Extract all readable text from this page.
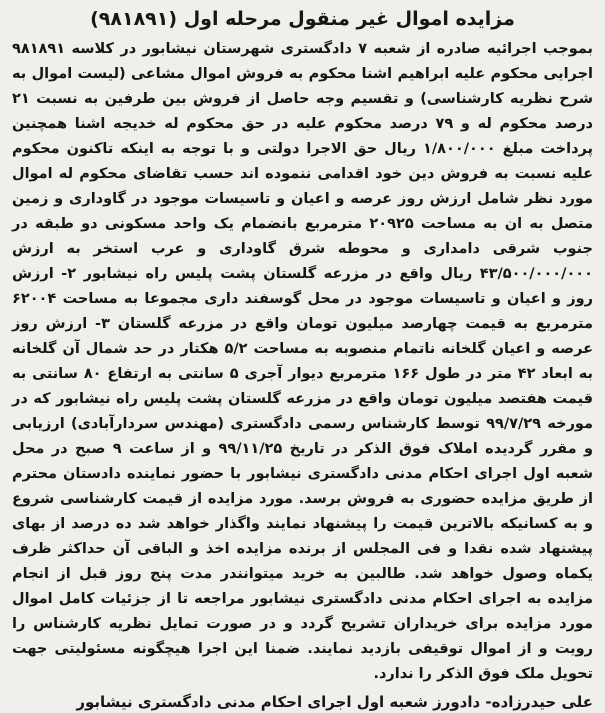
مزایده اموال غیر منقول مرحله اول (۹۸۱۸۹۱)

بموجب اجرائیه صادره از شعبه ۷ دادگستری شهرستان نیشابور در کلاسه ۹۸۱۸۹۱ اجرایی محکوم علیه ابراهیم اشنا محکوم به فروش اموال مشاعی (لیست اموال به شرح نظریه کارشناسی) و تقسیم وجه حاصل از فروش بین طرفین به نسبت ۲۱ درصد محکوم له و ۷۹ درصد محکوم علیه در حق محکوم له خدیجه اشنا همچنین پرداخت مبلغ ۱/۸۰۰/۰۰۰ ریال حق الاجرا دولتی و با توجه به اینکه تاکنون محکوم علیه نسبت به فروش دین خود اقدامی ننموده اند حسب تقاضای محکوم له اموال مورد نظر شامل ارزش روز عرصه و اعیان و تاسیسات موجود در گاوداری و زمین متصل به ان به مساحت ۲۰۹۲۵ مترمربع بانضمام یک واحد مسکونی دو طبقه در جنوب شرقی دامداری و محوطه شرق گاوداری و عرب استخر به ارزش ۴۳/۵۰۰/۰۰۰/۰۰۰ ریال واقع در مزرعه گلستان پشت پلیس راه نیشابور ۲- ارزش روز و اعیان و تاسیسات موجود در محل گوسفند داری مجموعا به مساحت ۶۲۰۰۴ مترمربع به قیمت چهارصد میلیون تومان واقع در مزرعه گلستان ۳- ارزش روز عرصه و اعیان گلخانه ناتمام منصوبه به مساحت ۵/۲ هکتار در حد شمال آن گلخانه به ابعاد ۴۲ متر در طول ۱۶۶ مترمربع دیوار آجری ۵ سانتی به ارتفاع ۸۰ سانتی به قیمت هفتصد میلیون تومان واقع در مزرعه گلستان پشت پلیس راه نیشابور که در مورخه ۹۹/۷/۲۹ توسط کارشناس رسمی دادگستری (مهندس سردارآبادی) ارزیابی و مقرر گردیده املاک فوق الذکر در تاریخ ۹۹/۱۱/۲۵ و از ساعت ۹ صبح در محل شعبه اول اجرای احکام مدنی دادگستری نیشابور با حضور نماینده دادستان محترم از طریق مزایده حضوری به فروش برسد. مورد مزایده از قیمت کارشناسی شروع و به کسانیکه بالاترین قیمت را پیشنهاد نمایند واگذار خواهد شد ده درصد از بهای پیشنهاد شده نقدا و فی المجلس از برنده مزایده اخذ و الباقی آن حداکثر ظرف یکماه وصول خواهد شد. طالبین به خرید میتوانندر مدت پنج روز قبل از انجام مزایده به اجرای احکام مدنی دادگستری نیشابور مراجعه تا از جزئیات کامل اموال مورد مزایده برای خریداران تشریح گردد و در صورت تمایل نظریه کارشناس را رویت و از اموال توقیفی بازدید نمایند. ضمنا این اجرا هیچگونه مسئولیتی جهت تحویل ملک فوق الذکر را ندارد.

علی حیدرزاده- دادورز شعبه اول اجرای احکام مدنی دادگستری نیشابور
